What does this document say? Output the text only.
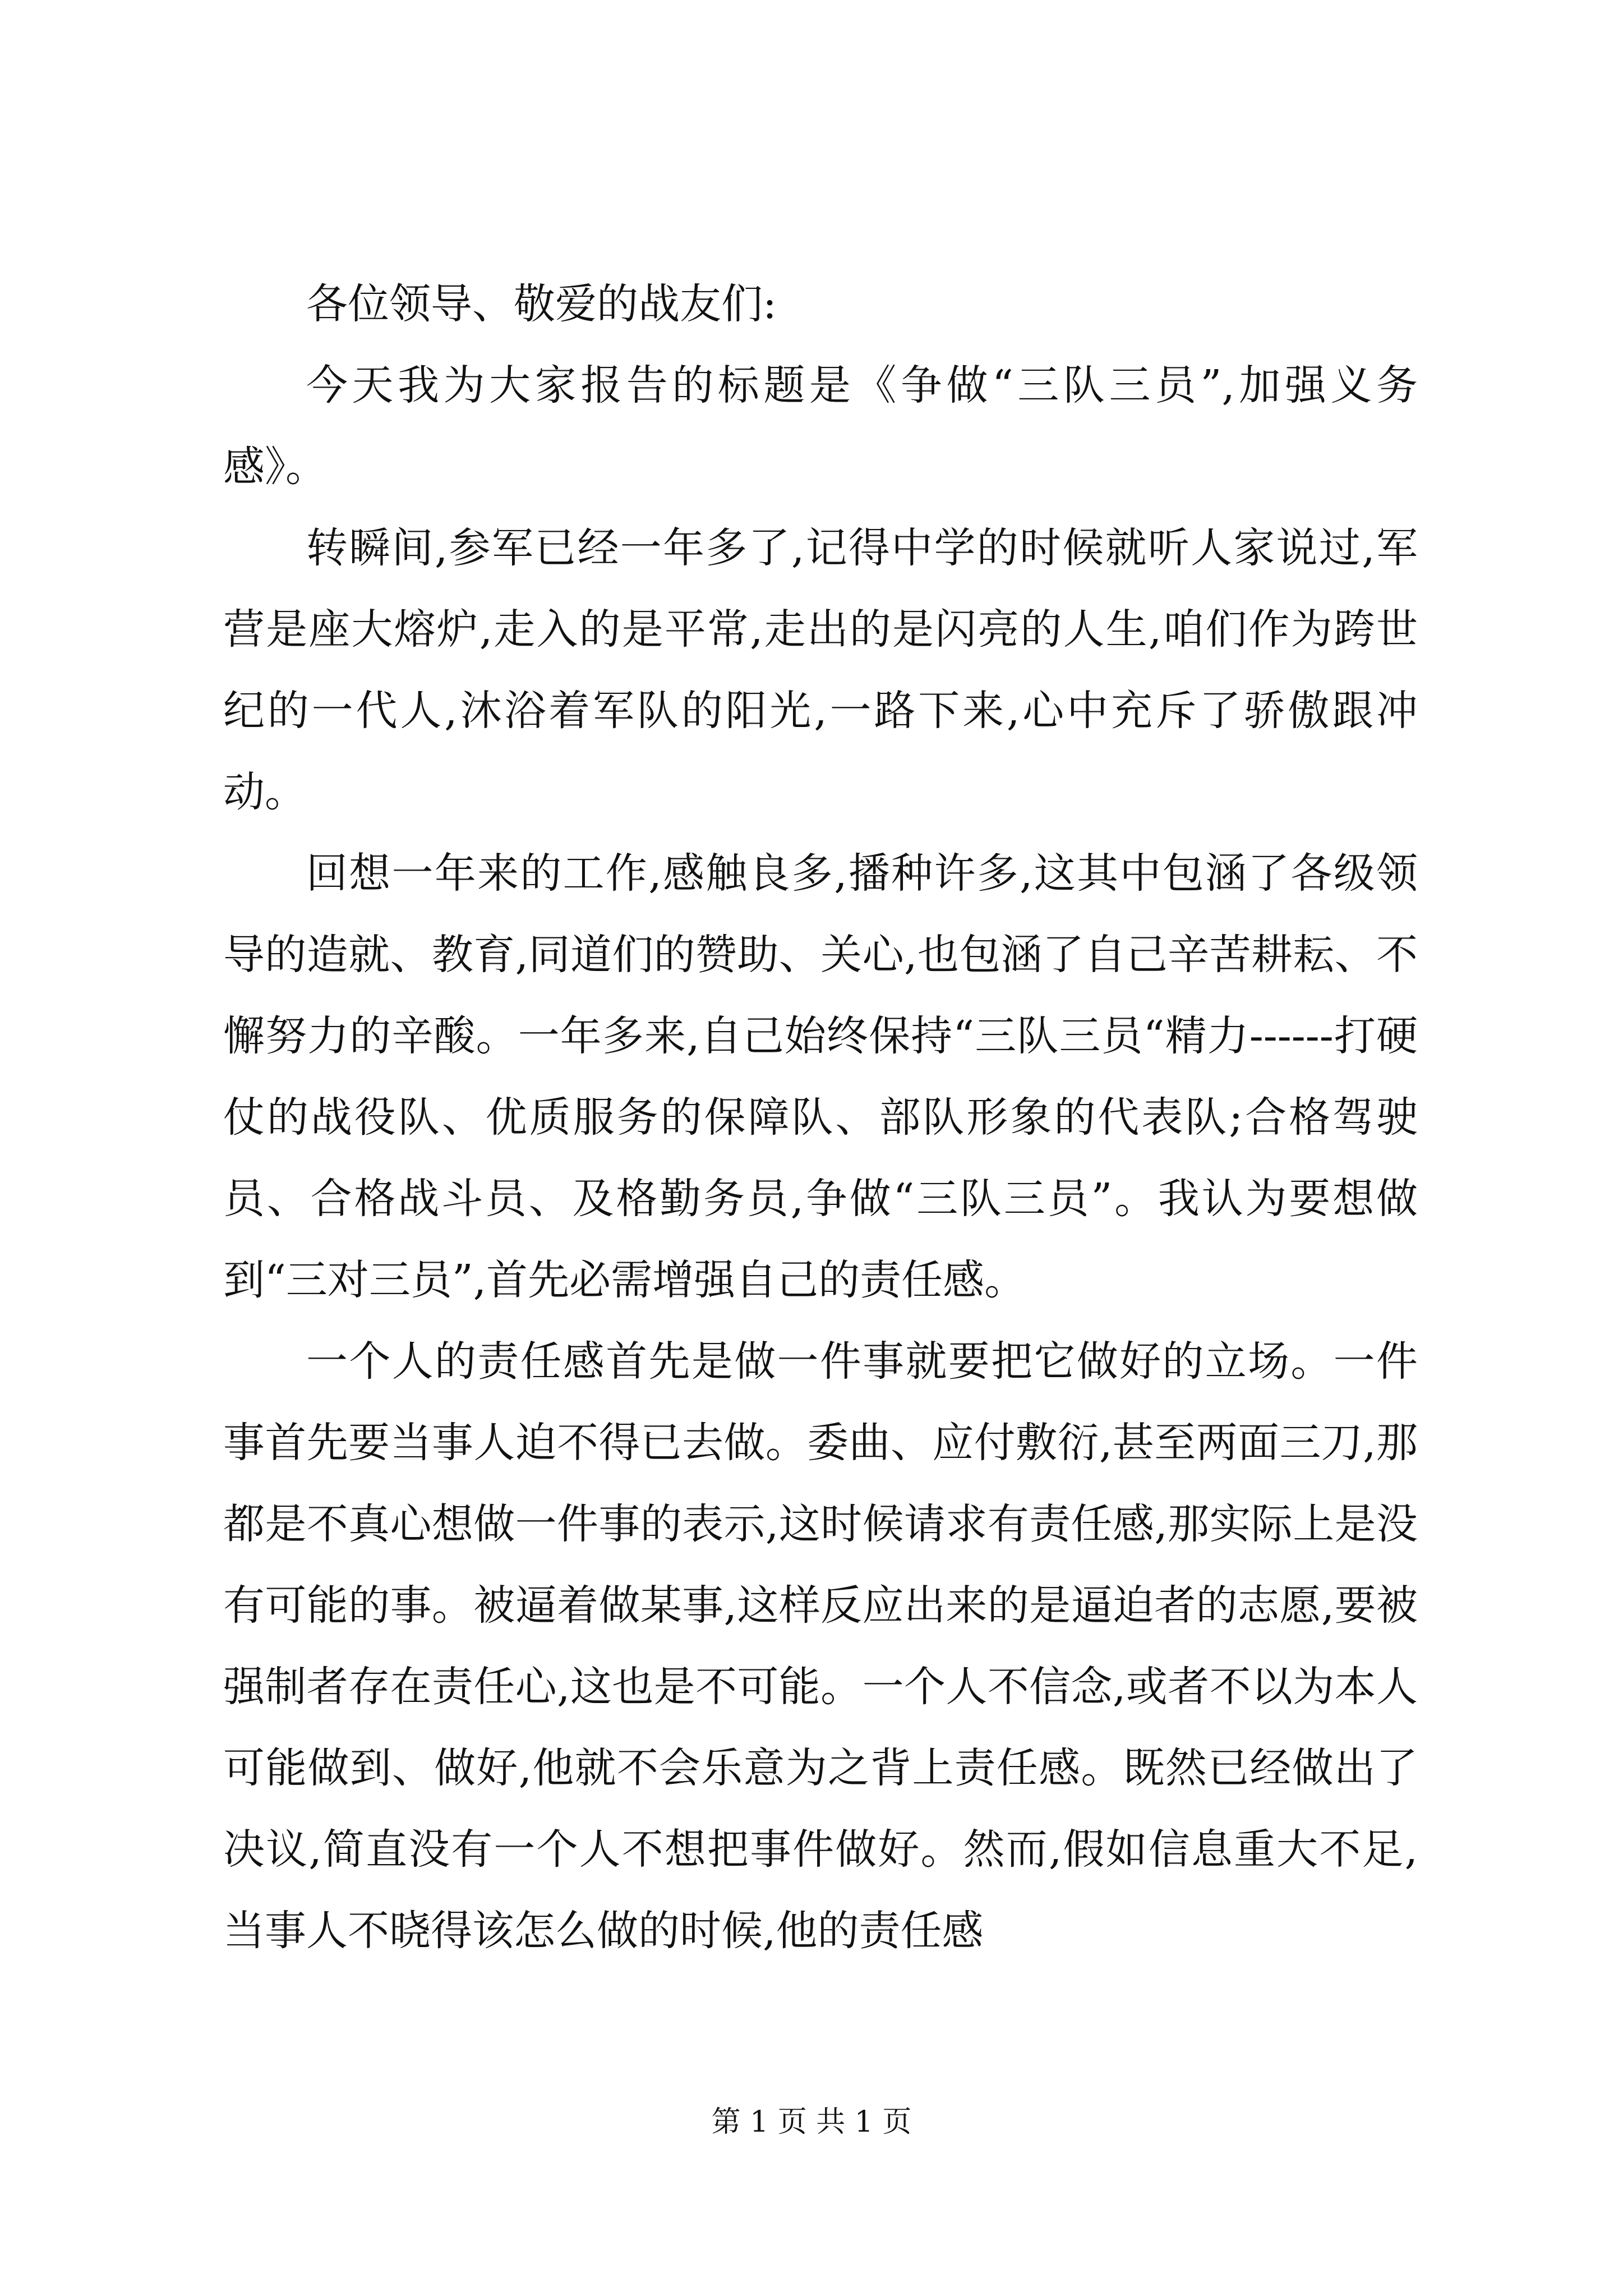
各位领导、敬爱的战友们:

今天我为大家报告的标题是《争做“三队三员”,加强义务感》。

转瞬间,参军已经一年多了,记得中学的时候就听人家说过,军营是座大熔炉,走入的是平常,走出的是闪亮的人生,咱们作为跨世纪的一代人,沐浴着军队的阳光,一路下来,心中充斥了骄傲跟冲动。

回想一年来的工作,感触良多,播种许多,这其中包涵了各级领导的造就、教育,同道们的赞助、关心,也包涵了自己辛苦耕耘、不懈努力的辛酸。一年多来,自己始终保持“三队三员“精力------打硬仗的战役队、优质服务的保障队、部队形象的代表队;合格驾驶员、合格战斗员、及格勤务员,争做“三队三员”。我认为要想做到“三对三员”,首先必需增强自己的责任感。

一个人的责任感首先是做一件事就要把它做好的立场。一件事首先要当事人迫不得已去做。委曲、应付敷衍,甚至两面三刀,那都是不真心想做一件事的表示,这时候请求有责任感,那实际上是没有可能的事。被逼着做某事,这样反应出来的是逼迫者的志愿,要被强制者存在责任心,这也是不可能。一个人不信念,或者不以为本人可能做到、做好,他就不会乐意为之背上责任感。既然已经做出了决议,简直没有一个人不想把事件做好。然而,假如信息重大不足,当事人不晓得该怎么做的时候,他的责任感

第 1 页 共 1 页
